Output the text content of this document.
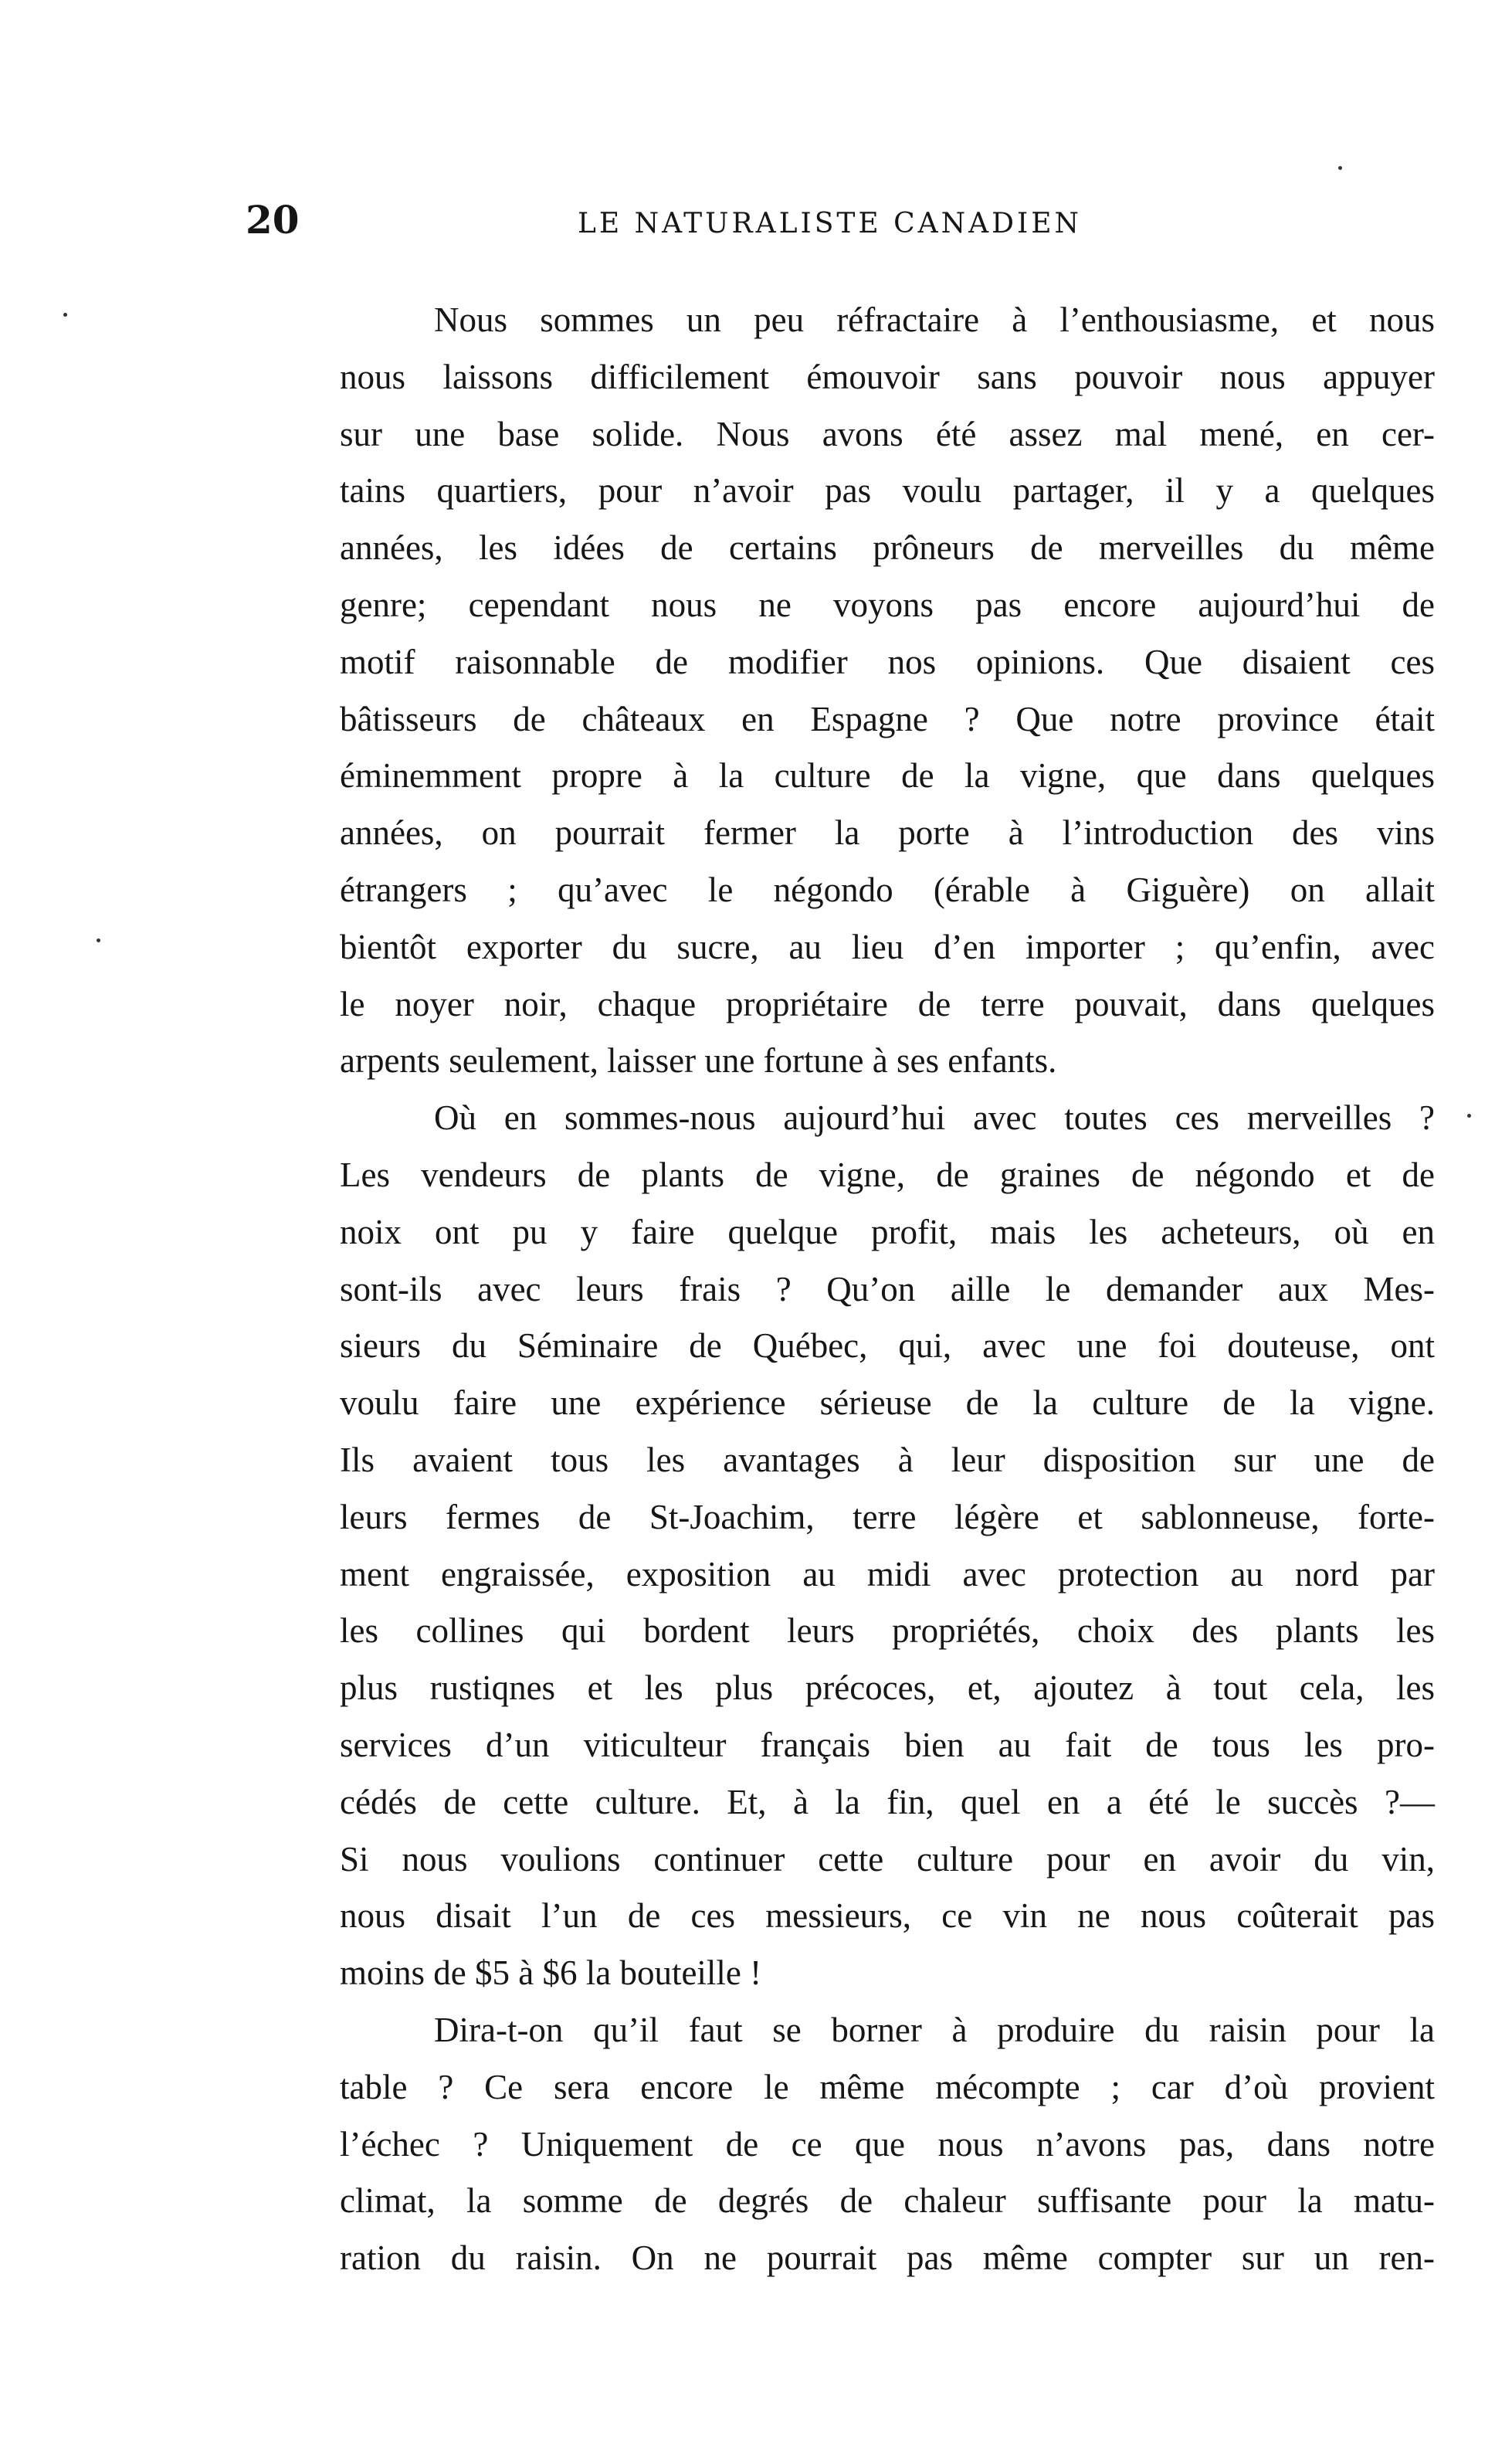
20	LE NATURALISTE CANADIEN
Nous sommes un peu réfractaire à l’enthousiasme, et nous
nous laissons difficilement émouvoir sans pouvoir nous appuyer
sur une base solide. Nous avons été assez mal mené, en cer-
tains quartiers, pour n’avoir pas voulu partager, il y a quelques
années, les idées de certains prôneurs de merveilles du même
genre; cependant nous ne voyons pas encore aujourd’hui de
motif raisonnable de modifier nos opinions. Que disaient ces
bâtisseurs de châteaux en Espagne ? Que notre province était
éminemment propre à la culture de la vigne, que dans quelques
années, on pourrait fermer la porte à l’introduction des vins
étrangers ; qu’avec le négondo (érable à Giguère) on allait
bientôt exporter du sucre, au lieu d’en importer ; qu’enfin, avec
le noyer noir, chaque propriétaire de terre pouvait, dans quelques
arpents seulement, laisser une fortune à ses enfants.
Où en sommes-nous aujourd’hui avec toutes ces merveilles ?
Les vendeurs de plants de vigne, de graines de négondo et de
noix ont pu y faire quelque profit, mais les acheteurs, où en
sont-ils avec leurs frais ? Qu’on aille le demander aux Mes-
sieurs du Séminaire de Québec, qui, avec une foi douteuse, ont
voulu faire une expérience sérieuse de la culture de la vigne.
Ils avaient tous les avantages à leur disposition sur une de
leurs fermes de St-Joachim, terre légère et sablonneuse, forte-
ment engraissée, exposition au midi avec protection au nord par
les collines qui bordent leurs propriétés, choix des plants les
plus rustiqnes et les plus précoces, et, ajoutez à tout cela, les
services d’un viticulteur français bien au fait de tous les pro-
cédés de cette culture. Et, à la fin, quel en a été le succès ?—
Si nous voulions continuer cette culture pour en avoir du vin,
nous disait l’un de ces messieurs, ce vin ne nous coûterait pas
moins de $5 à $6 la bouteille !
Dira-t-on qu’il faut se borner à produire du raisin pour la
table ? Ce sera encore le même mécompte ; car d’où provient
l’échec ? Uniquement de ce que nous n’avons pas, dans notre
climat, la somme de degrés de chaleur suffisante pour la matu-
ration du raisin. On ne pourrait pas même compter sur un ren-
